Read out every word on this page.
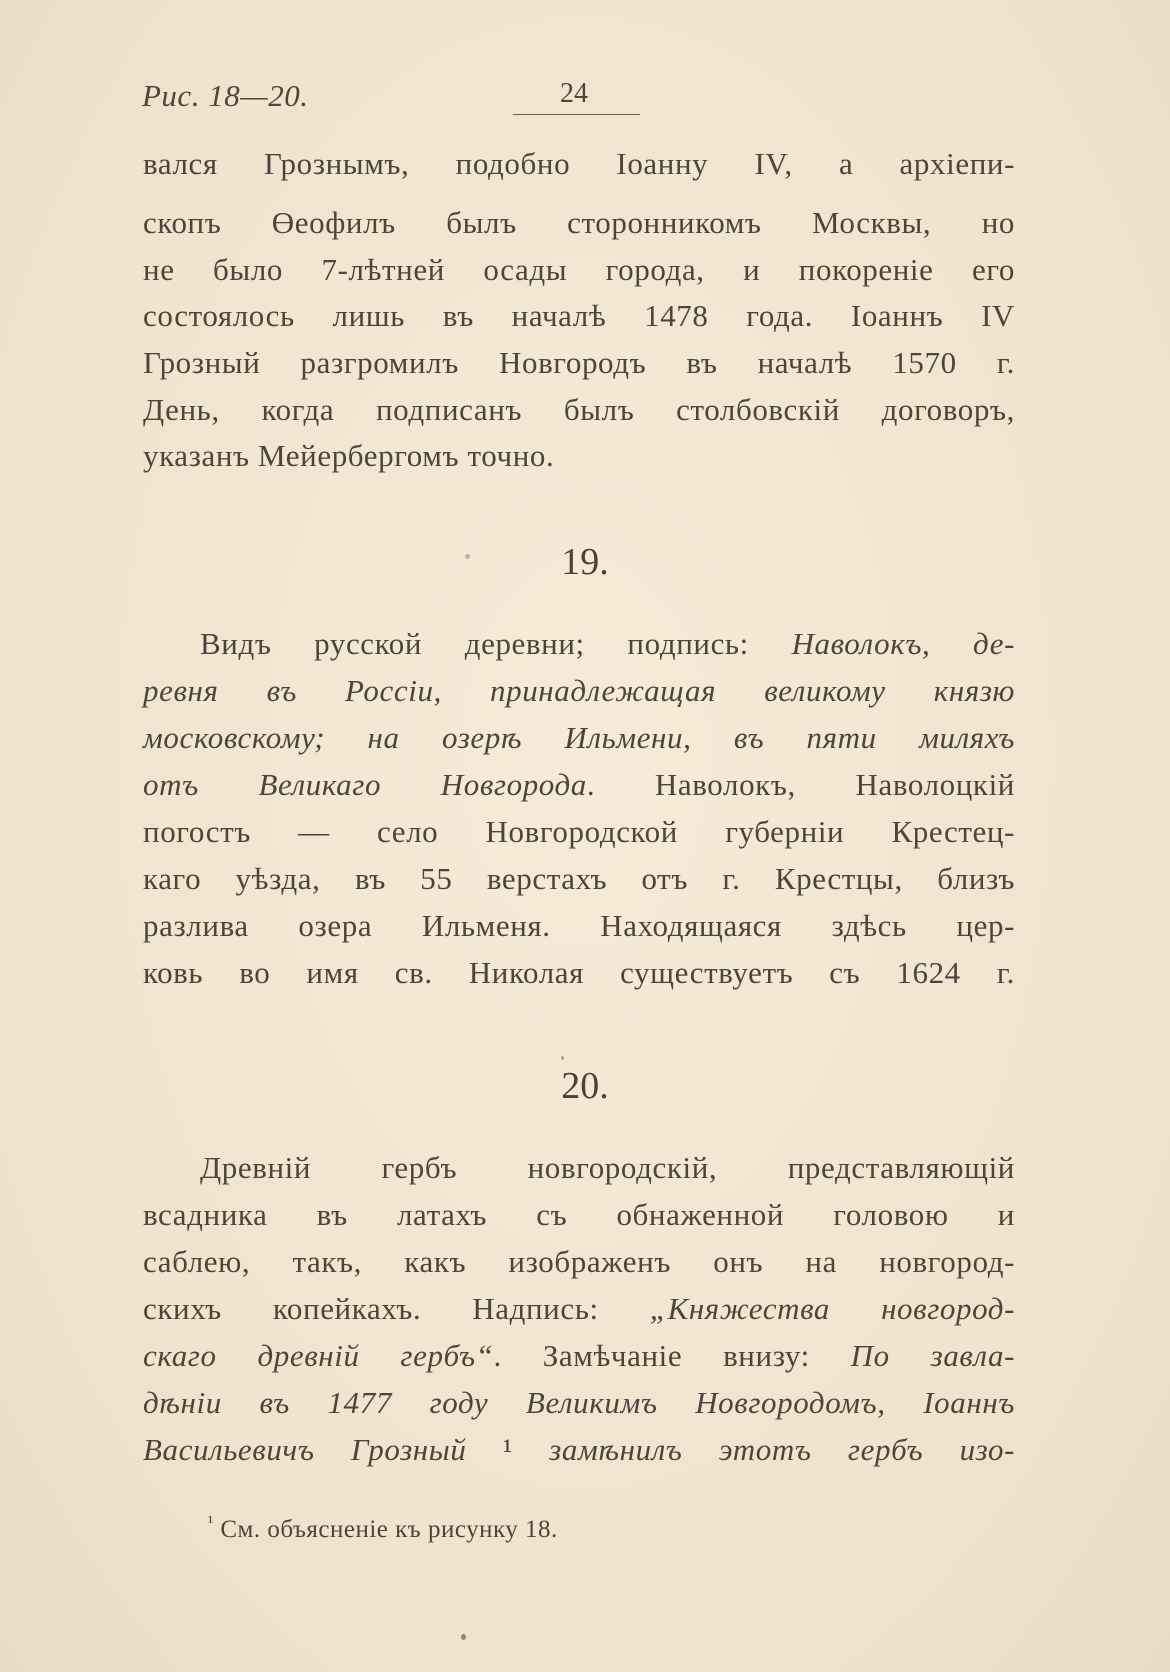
Рис. 18—20.	24
вался Грознымъ, подобно Іоанну IV, а архіепи-
скопъ Өеофилъ былъ сторонникомъ Москвы, но
не было 7-лѣтней осады города, и покореніе его
состоялось лишь въ началѣ 1478 года. Іоаннъ IV
Грозный разгромилъ Новгородъ въ началѣ 1570 г.
День, когда подписанъ былъ столбовскій договоръ,
указанъ Мейербергомъ точно.
19.
Видъ русской деревни; подпись: Наволокъ, де-
ревня въ Россіи, принадлежащая великому князю
московскому; на озерѣ Ильмени, въ пяти миляхъ
отъ Великаго Новгорода. Наволокъ, Наволоцкій
погостъ — село Новгородской губерніи Крестец-
каго уѣзда, въ 55 верстахъ отъ г. Крестцы, близъ
разлива озера Ильменя. Находящаяся здѣсь цер-
ковь во имя св. Николая существуетъ съ 1624 г.
20.
Древній гербъ новгородскій, представляющій
всадника въ латахъ съ обнаженной головою и
саблею, такъ, какъ изображенъ онъ на новгород-
скихъ копейкахъ. Надпись: „Княжества новгород-
скаго древній гербъ“. Замѣчаніе внизу: По завла-
дѣніи въ 1477 году Великимъ Новгородомъ, Іоаннъ
Васильевичъ Грозный ¹ замѣнилъ этотъ гербъ изо-
$^{^1}$ См. объясненіе къ рисунку 18.
